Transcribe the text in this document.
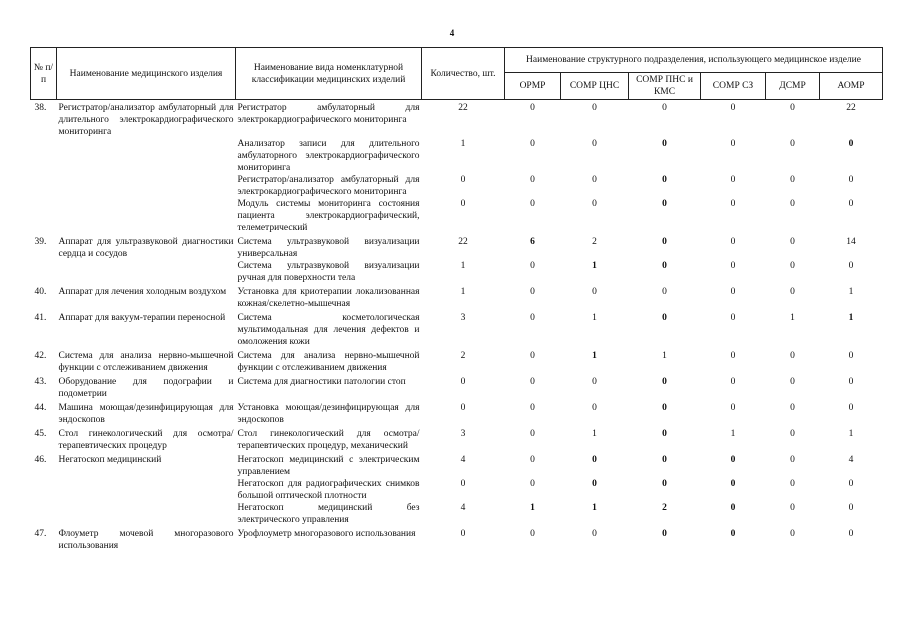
4
№ п/п	Наименование медицинского изделия	Наименование вида номенклатурной классификации медицинских изделий	Количество, шт.	Наименование структурного подразделения, использующего медицинское изделие					
				ОРМР	СОМР ЦНС	СОМР ПНС и КМС	СОМР СЗ	ДСМР	АОМР
38.	Регистратор/анализатор амбулаторный для длительного электрокардиографического мониторинга	Регистратор амбулаторный для электрокардиографического мониторинга	22	0	0	0	0	0	22
		Анализатор записи для длительного амбулаторного электрокардиографического мониторинга	1	0	0	0	0	0	0
		Регистратор/анализатор амбулаторный для электрокардиографического мониторинга	0	0	0	0	0	0	0
		Модуль системы мониторинга состояния пациента электрокардиографический, телеметрический	0	0	0	0	0	0	0
39.	Аппарат для ультразвуковой диагностики сердца и сосудов	Система ультразвуковой визуализации универсальная	22	6	2	0	0	0	14
		Система ультразвуковой визуализации ручная для поверхности тела	1	0	1	0	0	0	0
40.	Аппарат для лечения холодным воздухом	Установка для криотерапии локализованная кожная/скелетно-мышечная	1	0	0	0	0	0	1
41.	Аппарат для вакуум-терапии переносной	Система косметологическая мультимодальная для лечения дефектов и омоложения кожи	3	0	1	0	0	1	1
42.	Система для анализа нервно-мышечной функции с отслеживанием движения	Система для анализа нервно-мышечной функции с отслеживанием движения	2	0	1	1	0	0	0
43.	Оборудование для подографии и подометрии	Система для диагностики патологии стоп	0	0	0	0	0	0	0
44.	Машина моющая/дезинфицирующая для эндоскопов	Установка моющая/дезинфицирующая для эндоскопов	0	0	0	0	0	0	0
45.	Стол гинекологический для осмотра/терапевтических процедур	Стол гинекологический для осмотра/терапевтических процедур, механический	3	0	1	0	1	0	1
46.	Негатоскоп медицинский	Негатоскоп медицинский с электрическим управлением	4	0	0	0	0	0	4
		Негатоскоп для радиографических снимков большой оптической плотности	0	0	0	0	0	0	0
		Негатоскоп медицинский без электрического управления	4	1	1	2	0	0	0
47.	Флоуметр мочевой многоразового использования	Урофлоуметр многоразового использования	0	0	0	0	0	0	0
